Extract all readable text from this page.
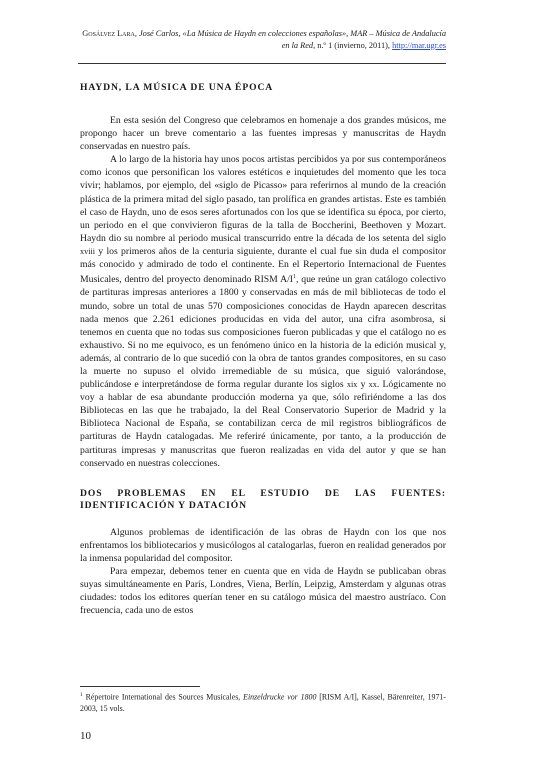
Gosálvez Lara, José Carlos, «La Música de Haydn en colecciones españolas», MAR – Música de Andalucía en la Red, n.º 1 (invierno, 2011), http://mar.ugr.es
HAYDN, LA MÚSICA DE UNA ÉPOCA

En esta sesión del Congreso que celebramos en homenaje a dos grandes músicos, me propongo hacer un breve comentario a las fuentes impresas y manuscritas de Haydn conservadas en nuestro país.

A lo largo de la historia hay unos pocos artistas percibidos ya por sus contemporáneos como iconos que personifican los valores estéticos e inquietudes del momento que les toca vivir; hablamos, por ejemplo, del «siglo de Picasso» para referirnos al mundo de la creación plástica de la primera mitad del siglo pasado, tan prolífica en grandes artistas. Este es también el caso de Haydn, uno de esos seres afortunados con los que se identifica su época, por cierto, un periodo en el que convivieron figuras de la talla de Boccherini, Beethoven y Mozart. Haydn dio su nombre al periodo musical transcurrido entre la década de los setenta del siglo xviii y los primeros años de la centuria siguiente, durante el cual fue sin duda el compositor más conocido y admirado de todo el continente. En el Repertorio Internacional de Fuentes Musicales, dentro del proyecto denominado RISM $A/I^1$, que reúne un gran catálogo colectivo de partituras impresas anteriores a 1800 y conservadas en más de mil bibliotecas de todo el mundo, sobre un total de unas 570 composiciones conocidas de Haydn aparecen descritas nada menos que 2.261 ediciones producidas en vida del autor, una cifra asombrosa, si tenemos en cuenta que no todas sus composiciones fueron publicadas y que el catálogo no es exhaustivo. Si no me equivoco, es un fenómeno único en la historia de la edición musical y, además, al contrario de lo que sucedió con la obra de tantos grandes compositores, en su caso la muerte no supuso el olvido irremediable de su música, que siguió valorándose, publicándose e interpretándose de forma regular durante los siglos xix y xx. Lógicamente no voy a hablar de esa abundante producción moderna ya que, sólo refiriéndome a las dos Bibliotecas en las que he trabajado, la del Real Conservatorio Superior de Madrid y la Biblioteca Nacional de España, se contabilizan cerca de mil registros bibliográficos de partituras de Haydn catalogadas. Me referiré únicamente, por tanto, a la producción de partituras impresas y manuscritas que fueron realizadas en vida del autor y que se han conservado en nuestras colecciones.

DOS PROBLEMAS EN EL ESTUDIO DE LAS FUENTES: IDENTIFICACIÓN Y DATACIÓN

Algunos problemas de identificación de las obras de Haydn con los que nos enfrentamos los bibliotecarios y musicólogos al catalogarlas, fueron en realidad generados por la inmensa popularidad del compositor.

Para empezar, debemos tener en cuenta que en vida de Haydn se publicaban obras suyas simultáneamente en París, Londres, Viena, Berlín, Leipzig, Amsterdam y algunas otras ciudades: todos los editores querían tener en su catálogo música del maestro austríaco. Con frecuencia, cada uno de estos

$^1$ Répertoire International des Sources Musicales, Einzeldrucke vor 1800 [RISM A/I], Kassel, Bärenreiter, 1971-2003, 15 vols.
10
